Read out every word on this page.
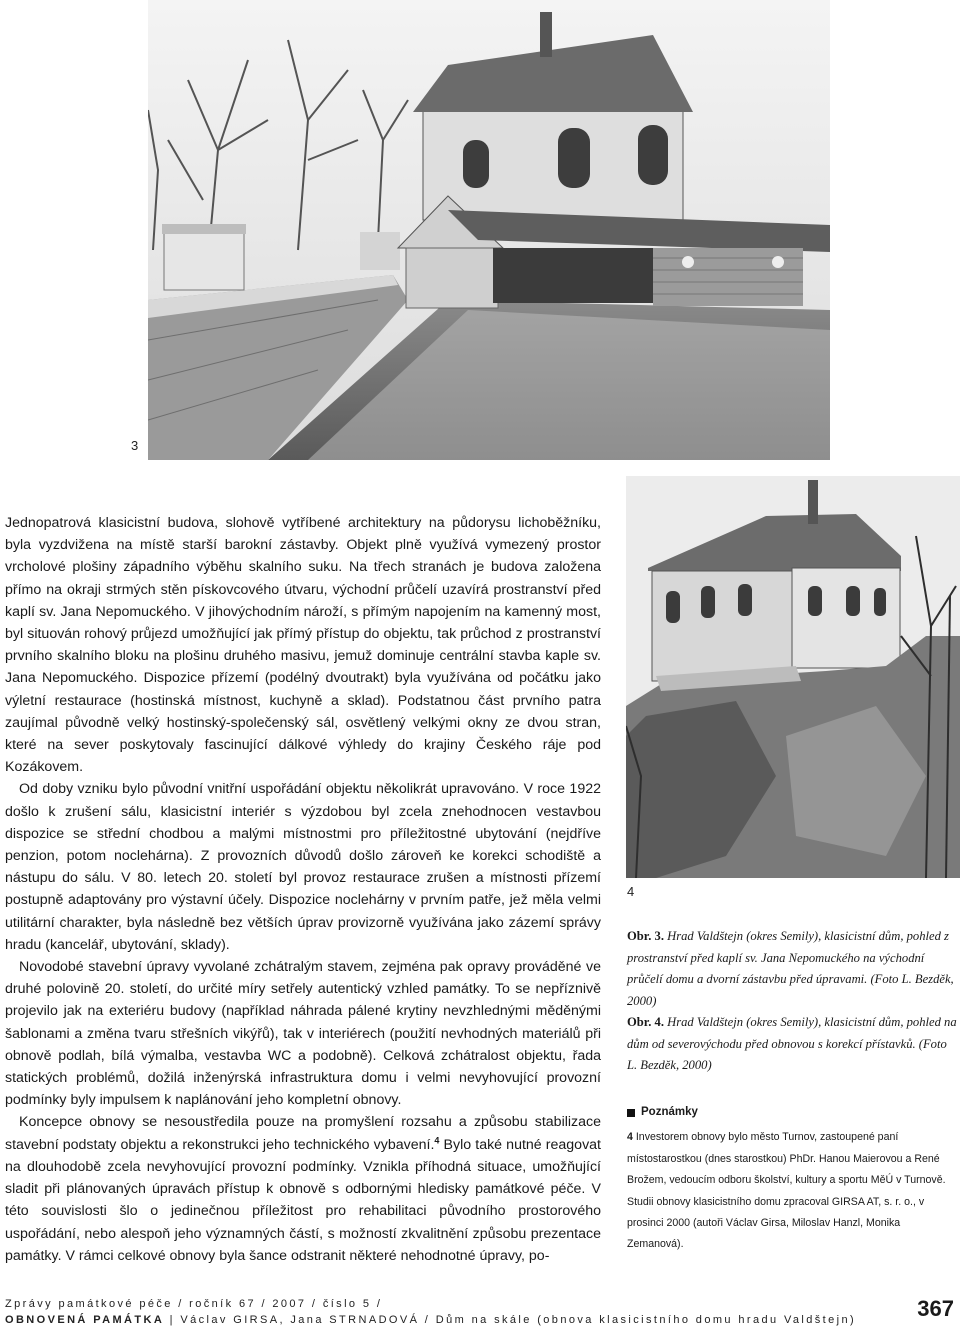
3
4

Jednopatrová klasicistní budova, slohově vytříbené architektury na půdorysu lichoběžníku, byla vyzdvižena na místě starší barokní zástavby. Objekt plně využívá vymezený prostor vrcholové plošiny západního výběhu skalního suku. Na třech stranách je budova založena přímo na okraji strmých stěn pískovcového útvaru, východní průčelí uzavírá prostranství před kaplí sv. Jana Nepomuckého. V jihovýchodním nároží, s přímým napojením na kamenný most, byl situován rohový průjezd umožňující jak přímý přístup do objektu, tak průchod z prostranství prvního skalního bloku na plošinu druhého masivu, jemuž dominuje centrální stavba kaple sv. Jana Nepomuckého. Dispozice přízemí (podélný dvoutrakt) byla využívána od počátku jako výletní restaurace (hostinská místnost, kuchyně a sklad). Podstatnou část prvního patra zaujímal původně velký hostinský-společenský sál, osvětlený velkými okny ze dvou stran, které na sever poskytovaly fascinující dálkové výhledy do krajiny Českého ráje pod Kozákovem.

Od doby vzniku bylo původní vnitřní uspořádání objektu několikrát upravováno. V roce 1922 došlo k zrušení sálu, klasicistní interiér s výzdobou byl zcela znehodnocen vestavbou dispozice se střední chodbou a malými místnostmi pro příležitostné ubytování (nejdříve penzion, potom noclehárna). Z provozních důvodů došlo zároveň ke korekci schodiště a nástupu do sálu. V 80. letech 20. století byl provoz restaurace zrušen a místnosti přízemí postupně adaptovány pro výstavní účely. Dispozice noclehárny v prvním patře, jež měla velmi utilitární charakter, byla následně bez větších úprav provizorně využívána jako zázemí správy hradu (kancelář, ubytování, sklady).

Novodobé stavební úpravy vyvolané zchátralým stavem, zejména pak opravy prováděné ve druhé polovině 20. století, do určité míry setřely autentický vzhled památky. To se nepříznivě projevilo jak na exteriéru budovy (například náhrada pálené krytiny nevzhlednými měděnými šablonami a změna tvaru střešních vikýřů), tak v interiérech (použití nevhodných materiálů při obnově podlah, bílá výmalba, vestavba WC a podobně). Celková zchátralost objektu, řada statických problémů, dožilá inženýrská infrastruktura domu i velmi nevyhovující provozní podmínky byly impulsem k naplánování jeho kompletní obnovy.

Koncepce obnovy se nesoustředila pouze na promyšlení rozsahu a způsobu stabilizace stavební podstaty objektu a rekonstrukci jeho technického vybavení.$^4$ Bylo také nutné reagovat na dlouhodobě zcela nevyhovující provozní podmínky. Vznikla příhodná situace, umožňující sladit při plánovaných úpravách přístup k obnově s odbornými hledisky památkové péče. V této souvislosti šlo o jedinečnou příležitost pro rehabilitaci původního prostorového uspořádání, nebo alespoň jeho významných částí, s možností zkvalitnění způsobu prezentace památky. V rámci celkové obnovy byla šance odstranit některé nehodnotné úpravy, po-

Obr. 3. Hrad Valdštejn (okres Semily), klasicistní dům, pohled z prostranství před kaplí sv. Jana Nepomuckého na východní průčelí domu a dvorní zástavbu před úpravami. (Foto L. Bezděk, 2000)

Obr. 4. Hrad Valdštejn (okres Semily), klasicistní dům, pohled na dům od severovýchodu před obnovou s korekcí přístavků. (Foto L. Bezděk, 2000)

Poznámky

4 Investorem obnovy bylo město Turnov, zastoupené paní místostarostkou (dnes starostkou) PhDr. Hanou Maierovou a René Brožem, vedoucím odboru školství, kultury a sportu MěÚ v Turnově. Studii obnovy klasicistního domu zpracoval GIRSA AT, s. r. o., v prosinci 2000 (autoři Václav Girsa, Miloslav Hanzl, Monika Zemanová).

Zprávy památkové péče / ročník 67 / 2007 / číslo 5 /
OBNOVENÁ PAMÁTKA | Václav GIRSA, Jana STRNADOVÁ / Dům na skále (obnova klasicistního domu hradu Valdštejn)	367
